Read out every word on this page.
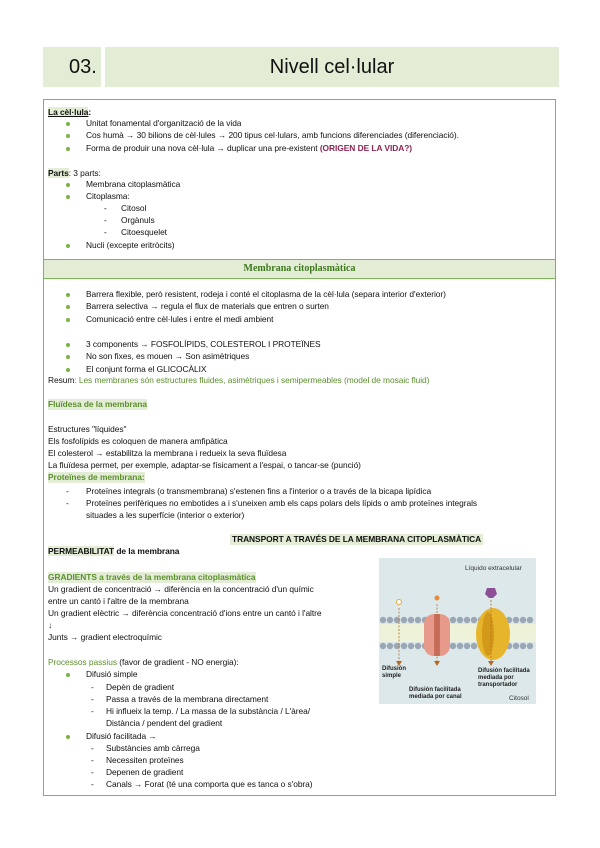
03.	Nivell cel·lular
La cèl·lula:
Unitat fonamental d'organització de la vida
Cos humà → 30 bilions de cèl·lules → 200 tipus cel·lulars, amb funcions diferenciades (diferenciació).
Forma de produir una nova cèl·lula → duplicar una pre-existent (ORIGEN DE LA VIDA?)
Parts: 3 parts:
Membrana citoplasmàtica
Citoplasma:
- Citosol
- Orgànuls
- Citoesquelet
Nucli (excepte eritròcits)
Membrana citoplasmàtica
Barrera flexible, però resistent, rodeja i conté el citoplasma de la cèl·lula (separa interior d'exterior)
Barrera selectiva → regula el flux de materials que entren o surten
Comunicació entre cèl·lules i entre el medi ambient
3 components → FOSFOLÍPIDS, COLESTEROL I PROTEÏNES
No son fixes, es mouen → Son asimètriques
El conjunt forma el GLICOCÀLIX
Resum: Les membranes són estructures fluides, asimètriques i semipermeables (model de mosaic fluid)
Fluïdesa de la membrana
Estructures "líquides"
Els fosfolípids es coloquen de manera amfipàtica
El colesterol → estabilitza la membrana i redueix la seva fluïdesa
La fluïdesa permet, per exemple, adaptar-se físicament a l'espai, o tancar-se (punció)
Proteïnes de membrana:
- Proteïnes integrals (o transmembrana) s'estenen fins a l'interior o a través de la bicapa lipídica
- Proteïnes perifèriques no embotides a i s'uneixen amb els caps polars dels lípids o amb proteïnes integrals
situades a les superfície (interior o exterior)
TRANSPORT A TRAVÉS DE LA MEMBRANA CITOPLASMÀTICA
PERMEABILITAT de la membrana
GRADIENTS a través de la membrana citoplasmàtica
Un gradient de concentració → diferència en la concentració d'un químic
entre un cantó i l'altre de la membrana
Un gradient elèctric → diferència concentració d'ions entre un cantó i l'altre
↓
Junts → gradient electroquímic
Processos passius (favor de gradient - NO energia):
Difusió simple
- Depèn de gradient
- Passa a través de la membrana directament
- Hi influeix la temp. / La massa de la substància / L'àrea/
Distància / pendent del gradient
Difusió facilitada →
- Substàncies amb càrrega
- Necessiten proteïnes
- Depenen de gradient
- Canals → Forat (té una comporta que es tanca o s'obra)
Líquido extracelular
Difusión simple
Difusión facilitada mediada por canal
Difusión facilitada mediada por transportador
Citosol
